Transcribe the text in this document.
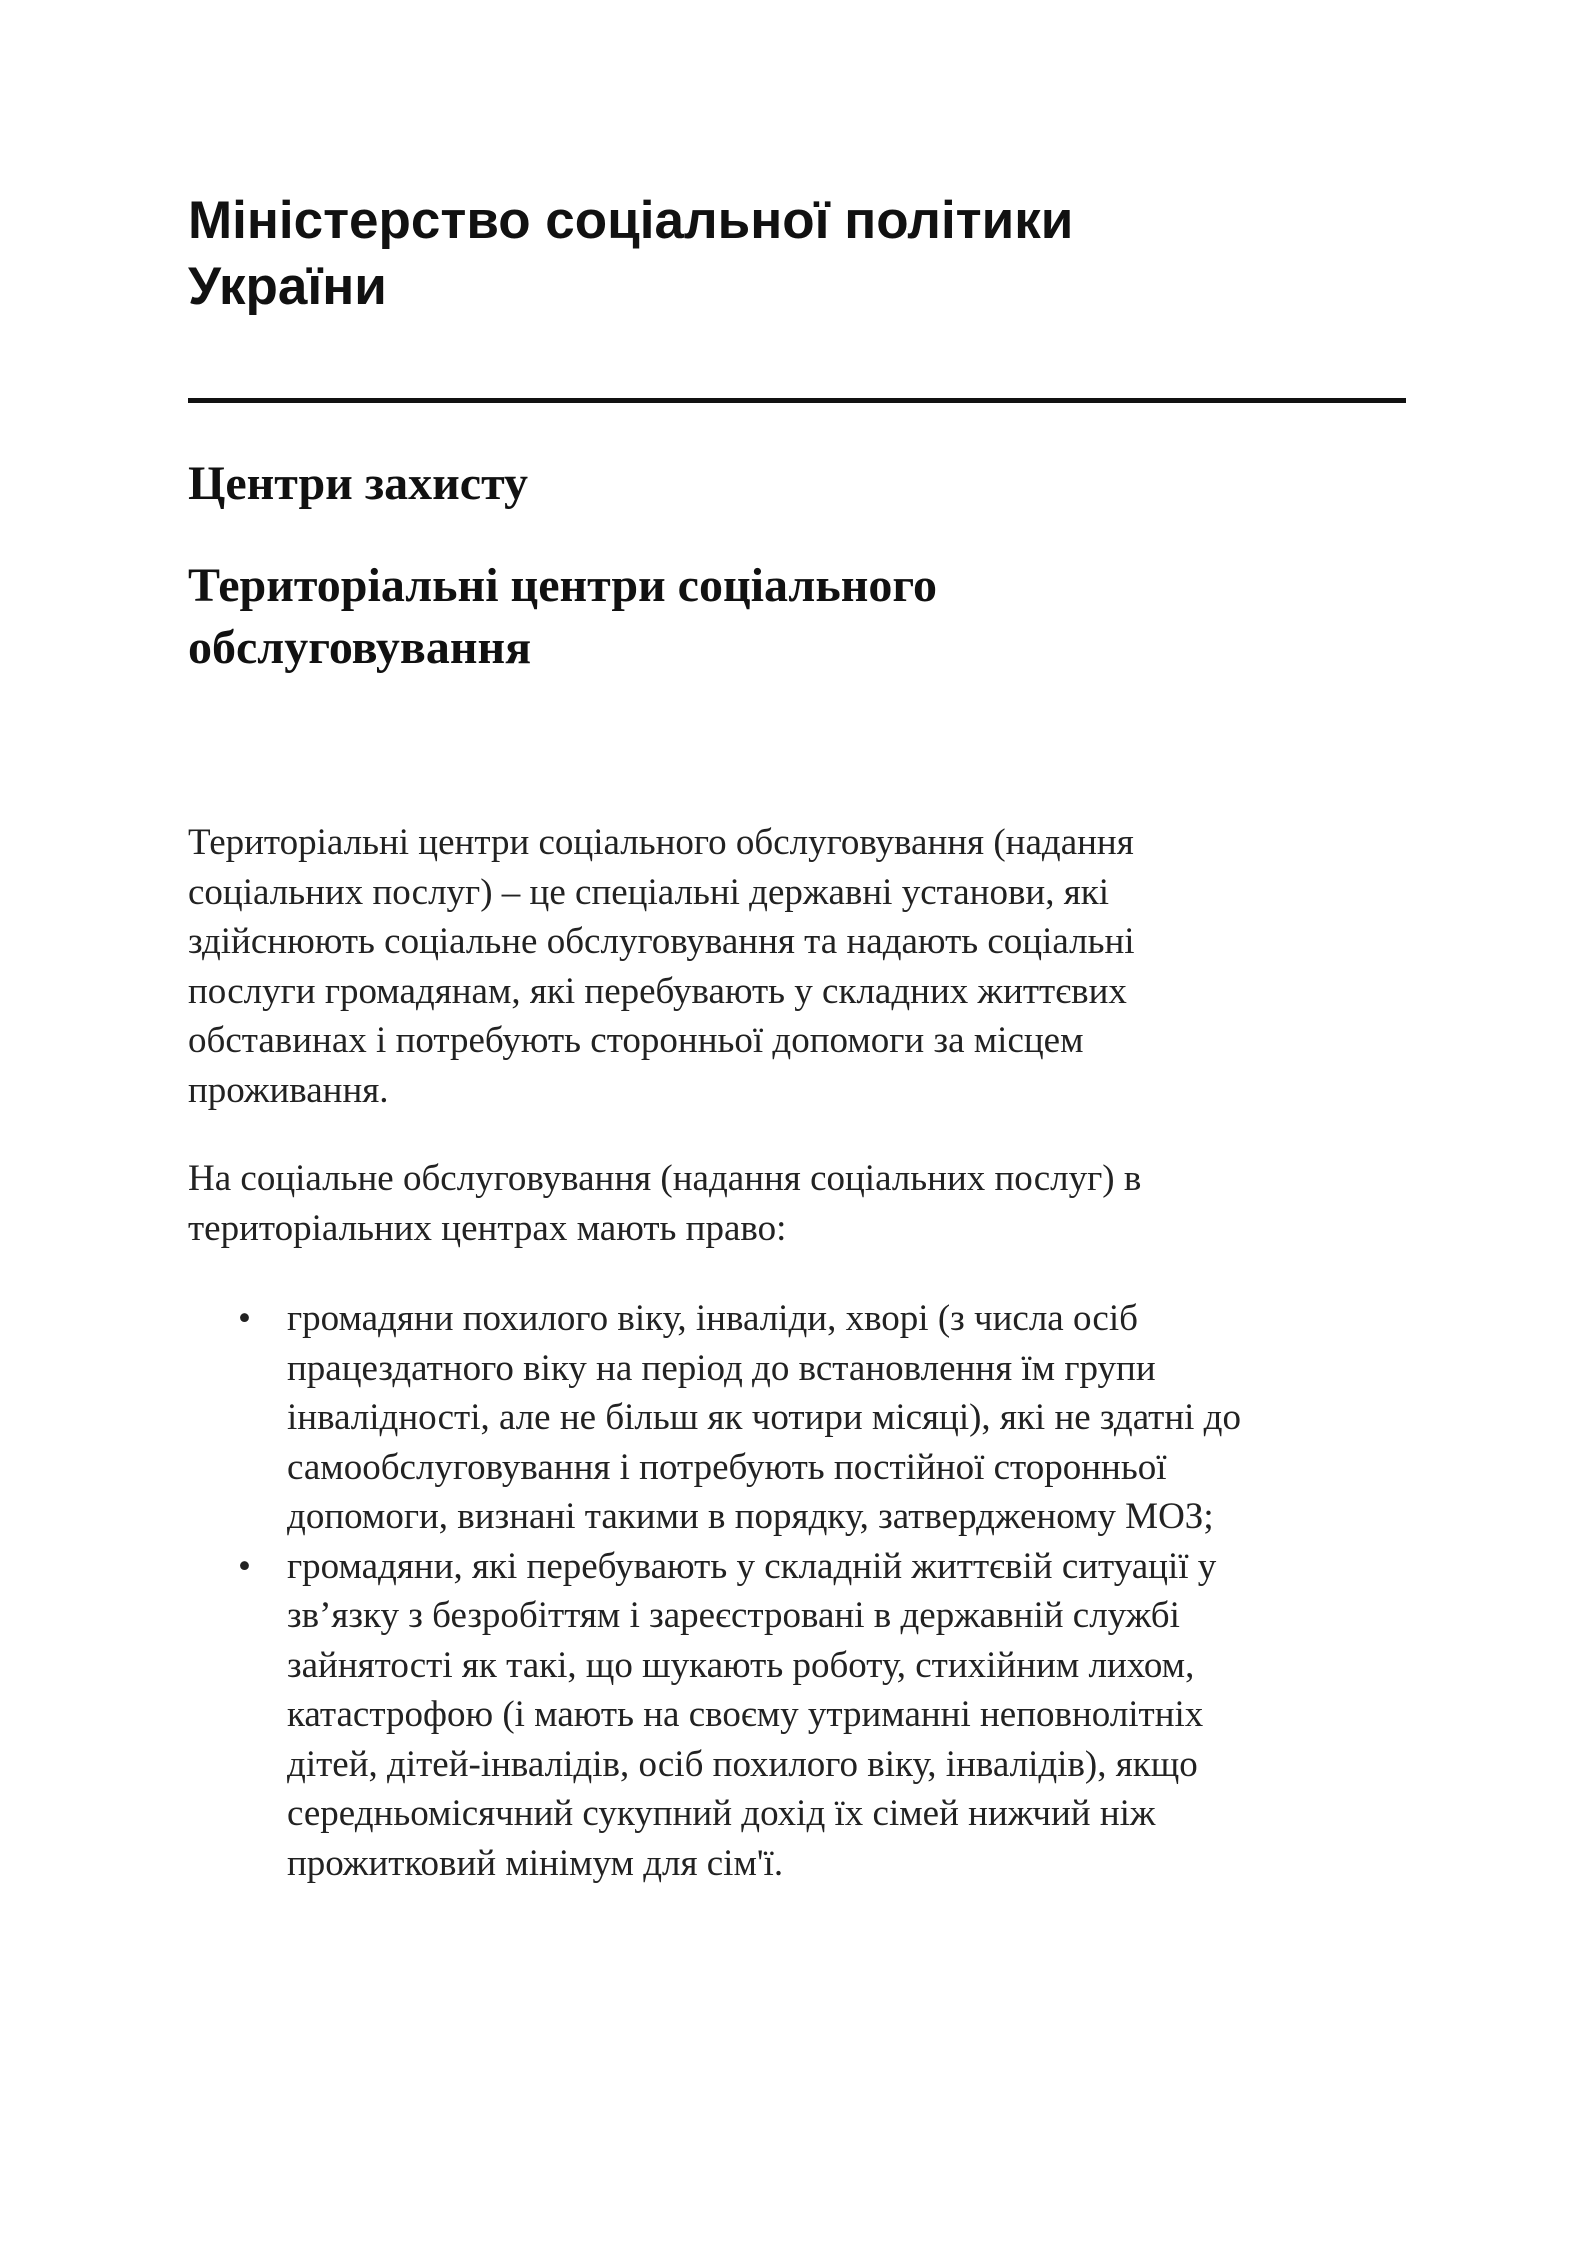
Міністерство соціальної політики
України
Центри захисту
Територіальні центри соціального
обслуговування

Територіальні центри соціального обслуговування (надання
соціальних послуг) – це спеціальні державні установи, які
здійснюють соціальне обслуговування та надають соціальні
послуги громадянам, які перебувають у складних життєвих
обставинах і потребують сторонньої допомоги за місцем
проживання.

На соціальне обслуговування (надання соціальних послуг) в
територіальних центрах мають право:

• громадяни похилого віку, інваліди, хворі (з числа осіб
працездатного віку на період до встановлення їм групи
інвалідності, але не більш як чотири місяці), які не здатні до
самообслуговування і потребують постійної сторонньої
допомоги, визнані такими в порядку, затвердженому МОЗ;
• громадяни, які перебувають у складній життєвій ситуації у
зв’язку з безробіттям і зареєстровані в державній службі
зайнятості як такі, що шукають роботу, стихійним лихом,
катастрофою (і мають на своєму утриманні неповнолітніх
дітей, дітей-інвалідів, осіб похилого віку, інвалідів), якщо
середньомісячний сукупний дохід їх сімей нижчий ніж
прожитковий мінімум для сім'ї.
